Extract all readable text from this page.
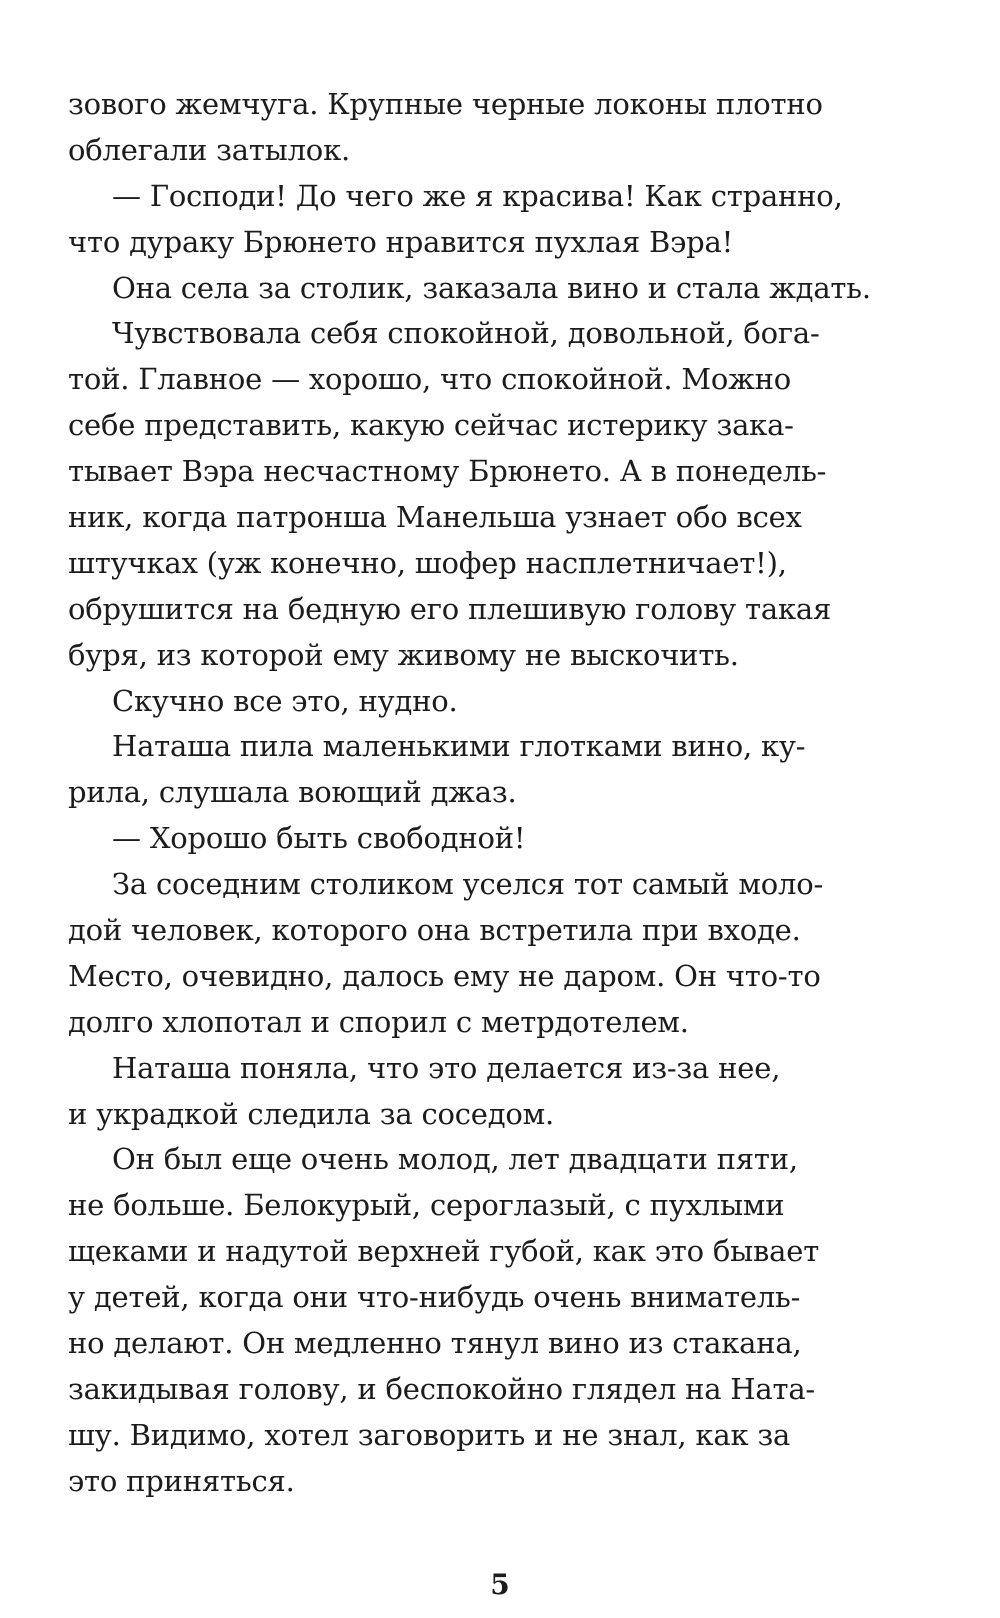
зового жемчуга. Крупные черные локоны плотно
облегали затылок.
— Господи! До чего же я красива! Как странно,
что дураку Брюнето нравится пухлая Вэра!
Она села за столик, заказала вино и стала ждать.
Чувствовала себя спокойной, довольной, бога-
той. Главное — хорошо, что спокойной. Можно
себе представить, какую сейчас истерику зака-
тывает Вэра несчастному Брюнето. А в понедель-
ник, когда патронша Манельша узнает обо всех
штучках (уж конечно, шофер насплетничает!),
обрушится на бедную его плешивую голову такая
буря, из которой ему живому не выскочить.
Скучно все это, нудно.
Наташа пила маленькими глотками вино, ку-
рила, слушала воющий джаз.
— Хорошо быть свободной!
За соседним столиком уселся тот самый моло-
дой человек, которого она встретила при входе.
Место, очевидно, далось ему не даром. Он что-то
долго хлопотал и спорил с метрдотелем.
Наташа поняла, что это делается из-за нее,
и украдкой следила за соседом.
Он был еще очень молод, лет двадцати пяти,
не больше. Белокурый, сероглазый, с пухлыми
щеками и надутой верхней губой, как это бывает
у детей, когда они что-нибудь очень вниматель-
но делают. Он медленно тянул вино из стакана,
закидывая голову, и беспокойно глядел на Ната-
шу. Видимо, хотел заговорить и не знал, как за
это приняться.
5
